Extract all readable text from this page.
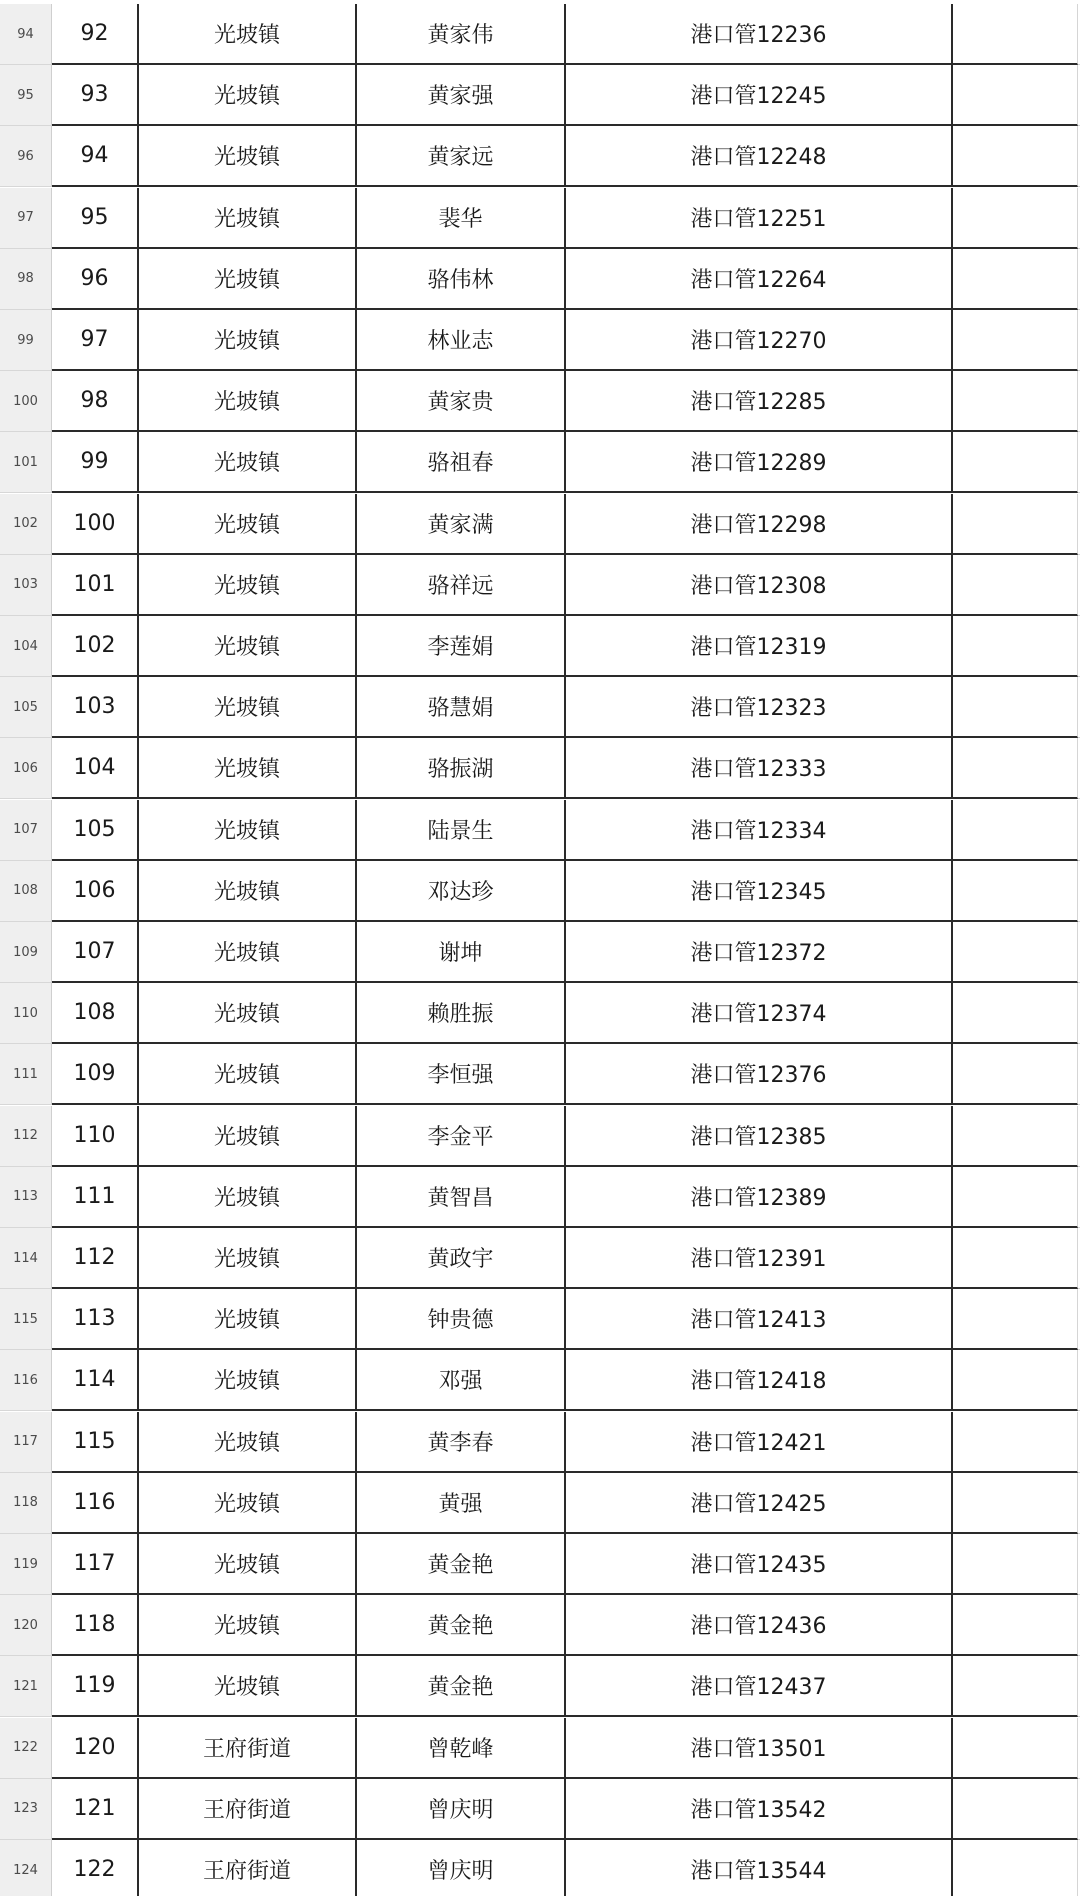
94	92	光坡镇	黄家伟	港口管12236
95	93	光坡镇	黄家强	港口管12245
96	94	光坡镇	黄家远	港口管12248
97	95	光坡镇	裴华	港口管12251
98	96	光坡镇	骆伟林	港口管12264
99	97	光坡镇	林业志	港口管12270
100	98	光坡镇	黄家贵	港口管12285
101	99	光坡镇	骆祖春	港口管12289
102	100	光坡镇	黄家满	港口管12298
103	101	光坡镇	骆祥远	港口管12308
104	102	光坡镇	李莲娟	港口管12319
105	103	光坡镇	骆慧娟	港口管12323
106	104	光坡镇	骆振湖	港口管12333
107	105	光坡镇	陆景生	港口管12334
108	106	光坡镇	邓达珍	港口管12345
109	107	光坡镇	谢坤	港口管12372
110	108	光坡镇	赖胜振	港口管12374
111	109	光坡镇	李恒强	港口管12376
112	110	光坡镇	李金平	港口管12385
113	111	光坡镇	黄智昌	港口管12389
114	112	光坡镇	黄政宇	港口管12391
115	113	光坡镇	钟贵德	港口管12413
116	114	光坡镇	邓强	港口管12418
117	115	光坡镇	黄李春	港口管12421
118	116	光坡镇	黄强	港口管12425
119	117	光坡镇	黄金艳	港口管12435
120	118	光坡镇	黄金艳	港口管12436
121	119	光坡镇	黄金艳	港口管12437
122	120	王府街道	曾乾峰	港口管13501
123	121	王府街道	曾庆明	港口管13542
124	122	王府街道	曾庆明	港口管13544
